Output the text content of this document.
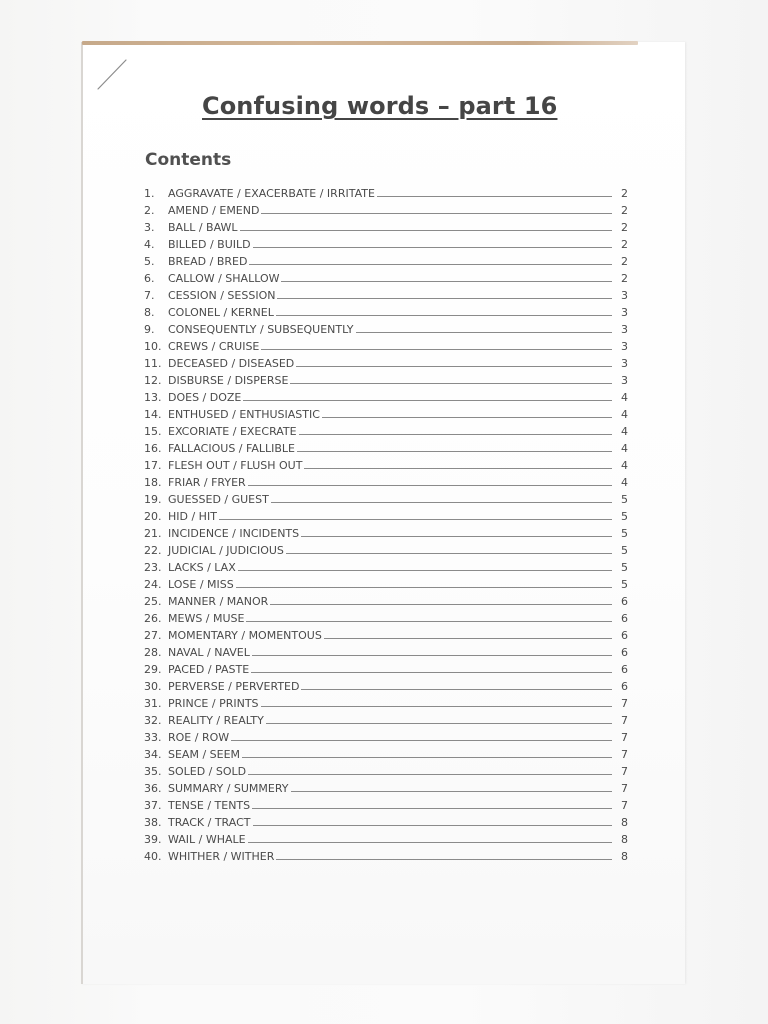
Confusing words – part 16
Contents
1.	AGGRAVATE / EXACERBATE / IRRITATE	2
2.	AMEND / EMEND	2
3.	BALL / BAWL	2
4.	BILLED / BUILD	2
5.	BREAD / BRED	2
6.	CALLOW / SHALLOW	2
7.	CESSION / SESSION	3
8.	COLONEL / KERNEL	3
9.	CONSEQUENTLY / SUBSEQUENTLY	3
10. CREWS / CRUISE	3
11. DECEASED / DISEASED	3
12. DISBURSE / DISPERSE	3
13. DOES / DOZE	4
14. ENTHUSED / ENTHUSIASTIC	4
15. EXCORIATE / EXECRATE	4
16. FALLACIOUS / FALLIBLE	4
17. FLESH OUT / FLUSH OUT	4
18. FRIAR / FRYER	4
19. GUESSED / GUEST	5
20. HID / HIT	5
21. INCIDENCE / INCIDENTS	5
22. JUDICIAL / JUDICIOUS	5
23. LACKS / LAX	5
24. LOSE / MISS	5
25. MANNER / MANOR	6
26. MEWS / MUSE	6
27. MOMENTARY / MOMENTOUS	6
28. NAVAL / NAVEL	6
29. PACED / PASTE	6
30. PERVERSE / PERVERTED	6
31. PRINCE / PRINTS	7
32. REALITY / REALTY	7
33. ROE / ROW	7
34. SEAM / SEEM	7
35. SOLED / SOLD	7
36. SUMMARY / SUMMERY	7
37. TENSE / TENTS	7
38. TRACK / TRACT	8
39. WAIL / WHALE	8
40. WHITHER / WITHER	8
